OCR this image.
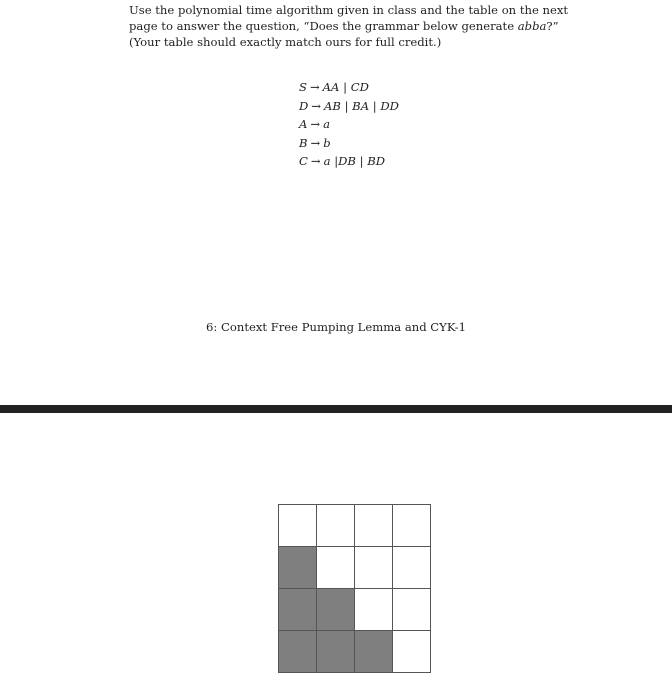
Use the polynomial time algorithm given in class and the table on the next page to answer the question, “Does the grammar below generate abba?” (Your table should exactly match ours for full credit.)

S → AA | CD
D → AB | BA | DD
A → a
B → b
C → a |DB | BD

6: Context Free Pumping Lemma and CYK-1
